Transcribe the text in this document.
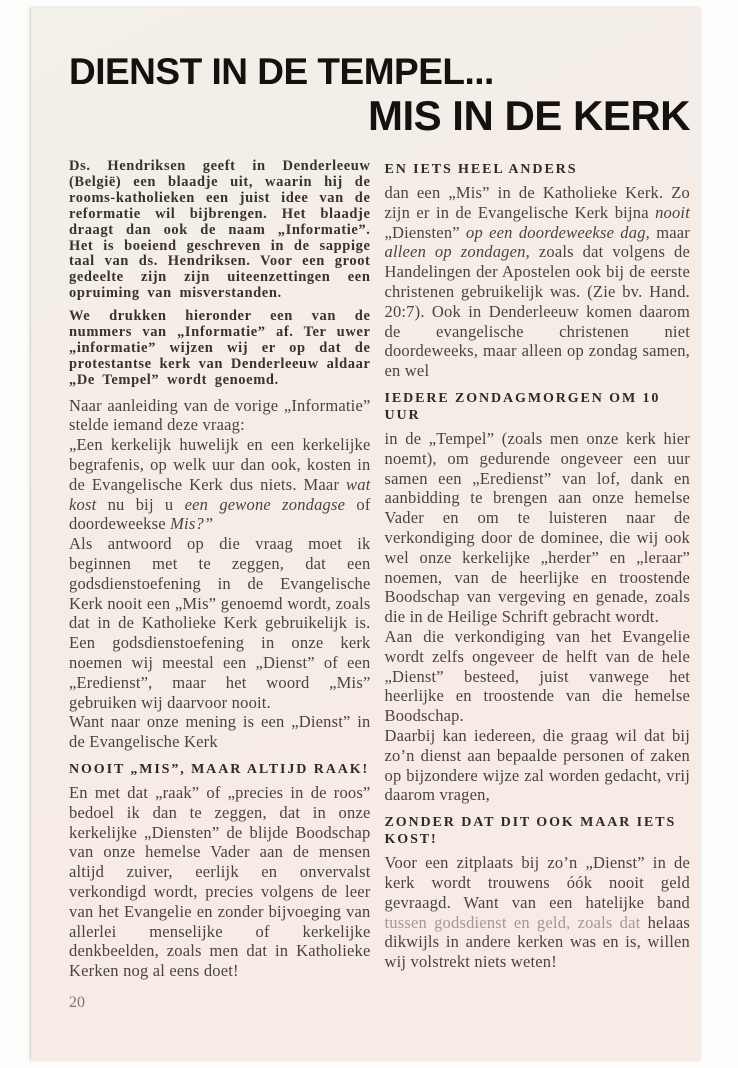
DIENST IN DE TEMPEL...
MIS IN DE KERK

Ds. Hendriksen geeft in Denderleeuw (België) een blaadje uit, waarin hij de rooms-katholieken een juist idee van de reformatie wil bijbrengen. Het blaadje draagt dan ook de naam „Informatie”. Het is boeiend geschreven in de sappige taal van ds. Hendriksen. Voor een groot gedeelte zijn zijn uiteenzettingen een opruiming van misverstanden.

We drukken hieronder een van de nummers van „Informatie” af. Ter uwer „informatie” wijzen wij er op dat de protestantse kerk van Denderleeuw aldaar „De Tempel” wordt genoemd.

Naar aanleiding van de vorige „Informatie” stelde iemand deze vraag:

„Een kerkelijk huwelijk en een kerkelijke begrafenis, op welk uur dan ook, kosten in de Evangelische Kerk dus niets. Maar wat kost nu bij u een gewone zondagse of doordeweekse Mis?”

Als antwoord op die vraag moet ik beginnen met te zeggen, dat een godsdienstoefening in de Evangelische Kerk nooit een „Mis” genoemd wordt, zoals dat in de Katholieke Kerk gebruikelijk is. Een godsdienstoefening in onze kerk noemen wij meestal een „Dienst” of een „Eredienst”, maar het woord „Mis” gebruiken wij daarvoor nooit.

Want naar onze mening is een „Dienst” in de Evangelische Kerk

NOOIT „MIS”, MAAR ALTIJD RAAK!

En met dat „raak” of „precies in de roos” bedoel ik dan te zeggen, dat in onze kerkelijke „Diensten” de blijde Boodschap van onze hemelse Vader aan de mensen altijd zuiver, eerlijk en onvervalst verkondigd wordt, precies volgens de leer van het Evangelie en zonder bijvoeging van allerlei menselijke of kerkelijke denkbeelden, zoals men dat in Katholieke Kerken nog al eens doet!

EN IETS HEEL ANDERS

dan een „Mis” in de Katholieke Kerk. Zo zijn er in de Evangelische Kerk bijna nooit „Diensten” op een doordeweekse dag, maar alleen op zondagen, zoals dat volgens de Handelingen der Apostelen ook bij de eerste christenen gebruikelijk was. (Zie bv. Hand. 20:7). Ook in Denderleeuw komen daarom de evangelische christenen niet doordeweeks, maar alleen op zondag samen, en wel

IEDERE ZONDAGMORGEN OM 10 UUR

in de „Tempel” (zoals men onze kerk hier noemt), om gedurende ongeveer een uur samen een „Eredienst” van lof, dank en aanbidding te brengen aan onze hemelse Vader en om te luisteren naar de verkondiging door de dominee, die wij ook wel onze kerkelijke „herder” en „leraar” noemen, van de heerlijke en troostende Boodschap van vergeving en genade, zoals die in de Heilige Schrift gebracht wordt.

Aan die verkondiging van het Evangelie wordt zelfs ongeveer de helft van de hele „Dienst” besteed, juist vanwege het heerlijke en troostende van die hemelse Boodschap.

Daarbij kan iedereen, die graag wil dat bij zo’n dienst aan bepaalde personen of zaken op bijzondere wijze zal worden gedacht, vrij daarom vragen,

ZONDER DAT DIT OOK MAAR IETS KOST!

Voor een zitplaats bij zo’n „Dienst” in de kerk wordt trouwens óók nooit geld gevraagd. Want van een hatelijke band tussen godsdienst en geld, zoals dat helaas dikwijls in andere kerken was en is, willen wij volstrekt niets weten!

20
